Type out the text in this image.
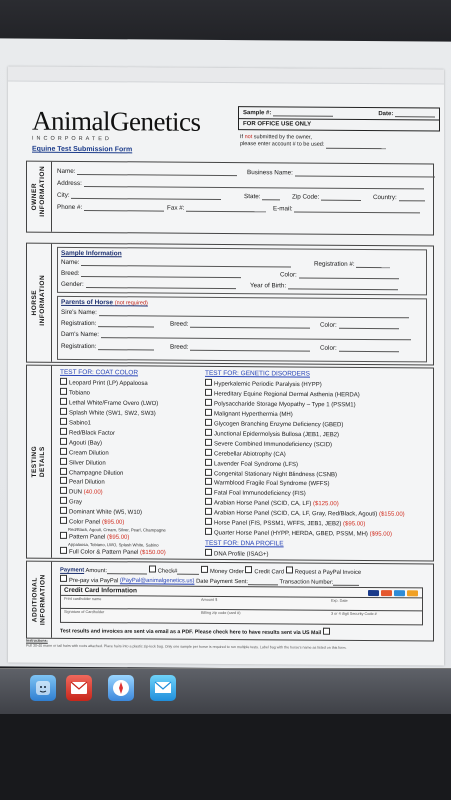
AnimalGenetics
INCORPORATED
Equine Test Submission Form
Sample #:	Date:
FOR OFFICE USE ONLY
If not submitted by the owner,
please enter account # to be used:
OWNER INFORMATION Name:	Business Name:
Address:
City:	State:	Zip Code:	Country:
Phone #:	Fax #:	E-mail:
HORSE INFORMATION
Sample Information
Name:	Registration #:
Breed:	Color:
Gender:	Year of Birth:
Parents of Horse (not required)
Sire's Name:
Registration:	Breed:	Color:
Dam's Name:
Registration:	Breed:	Color:
TESTING DETAILS
TEST FOR: COAT COLOR
Leopard Print (LP) Appaloosa
Tobiano
Lethal White/Frame Overo (LWO)
Splash White (SW1, SW2, SW3)
Sabino1
Red/Black Factor
Agouti (Bay)
Cream Dilution
Silver Dilution
Champagne Dilution
Pearl Dilution
DUN (40.00)
Gray
Dominant White (W5, W10)
Color Panel ($95.00)
Red/Black, Agouti, Cream, Silver, Pearl, Champagne
Pattern Panel ($95.00)
Appaloosa, Tobiano, LWO, Splash White, Sabino
Full Color & Pattern Panel ($150.00)
TEST FOR: GENETIC DISORDERS
Hyperkalemic Periodic Paralysis (HYPP)
Hereditary Equine Regional Dermal Asthenia (HERDA)
Polysaccharide Storage Myopathy – Type 1 (PSSM1)
Malignant Hyperthermia (MH)
Glycogen Branching Enzyme Deficiency (GBED)
Junctional Epidermolysis Bullosa (JEB1, JEB2)
Severe Combined Immunodeficiency (SCID)
Cerebellar Abiotrophy (CA)
Lavender Foal Syndrome (LFS)
Congenital Stationary Night Blindness (CSNB)
Warmblood Fragile Foal Syndrome (WFFS)
Fatal Foal Immunodeficiency (FIS)
Arabian Horse Panel (SCID, CA, LF) ($125.00)
Arabian Horse Panel (SCID, CA, LF, Gray, Red/Black, Agouti) ($155.00)
Horse Panel (FIS, PSSM1, WFFS, JEB1, JEB2) ($95.00)
Quarter Horse Panel (HYPP, HERDA, GBED, PSSM, MH) ($95.00)
TEST FOR: DNA PROFILE
DNA Profile (ISAG+)
ADDITIONAL INFORMATION
Payment Amount:	Check#	Money Order Credit Card Request a PayPal Invoice
Pre-pay via PayPal (PayPal@animalgenetics.us) Date Payment Sent:	Transaction Number:
Credit Card Information
Print cardholder name	Amount $	Exp. Date
Signature of Cardholder	Billing zip code (card #)	3 or 4 digit Security Code #
Test results and invoices are sent via email as a PDF. Please check here to have results sent via US Mail
Instructions:
Pull 30-40 mane or tail hairs with roots attached. Place hairs into a plastic zip-lock bag. Only one sample per horse is required to run multiple tests. Label bag with the horse's name as listed on this form.
